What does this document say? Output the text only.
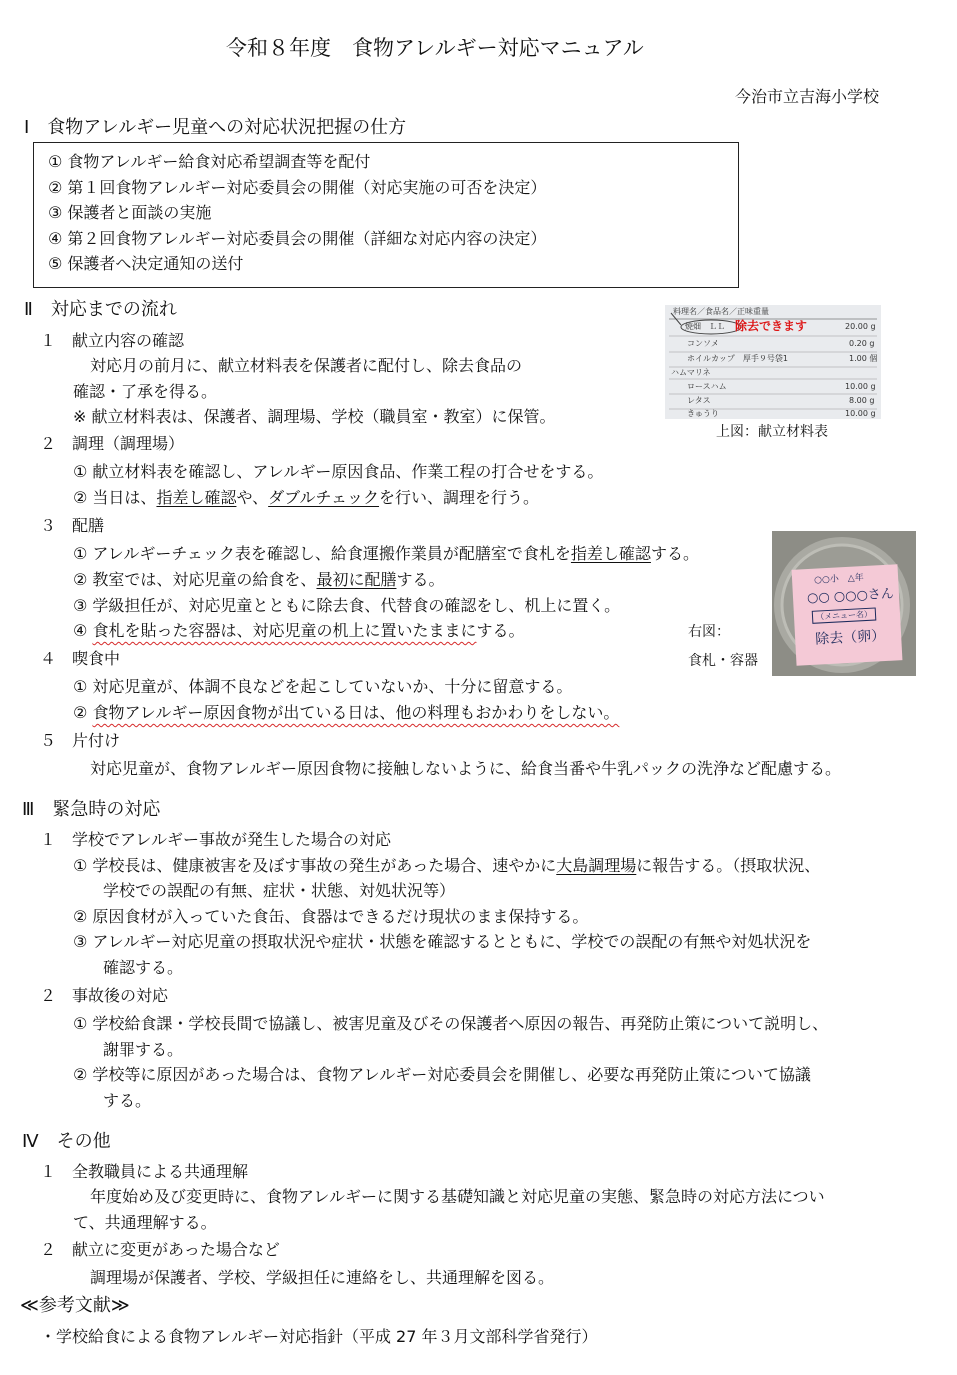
令和８年度　食物アレルギー対応マニュアル
今治市立吉海小学校
Ⅰ　食物アレルギー児童への対応状況把握の仕方
① 食物アレルギー給食対応希望調査等を配付
② 第１回食物アレルギー対応委員会の開催（対応実施の可否を決定）
③ 保護者と面談の実施
④ 第２回食物アレルギー対応委員会の開催（詳細な対応内容の決定）
⑤ 保護者へ決定通知の送付
Ⅱ　対応までの流れ
１　献立内容の確認
対応月の前月に、献立材料表を保護者に配付し、除去食品の
確認・了承を得る。
※ 献立材料表は、保護者、調理場、学校（職員室・教室）に保管。
料理名／食品名／正味重量
焼畑　ＬＬ 除去できます	20.00 g
コンソメ	0.20 g
ホイルカップ　厚手９号袋1	1.00 個
ハムマリネ
ロースハム	10.00 g
レタス	8.00 g
きゅうり	10.00 g
上図：献立材料表
２　調理（調理場）
① 献立材料表を確認し、アレルギー原因食品、作業工程の打合せをする。
② 当日は、指差し確認や、ダブルチェックを行い、調理を行う。
３　配膳
① アレルギーチェック表を確認し、給食運搬作業員が配膳室で食札を指差し確認する。
② 教室では、対応児童の給食を、最初に配膳する。
③ 学級担任が、対応児童とともに除去食、代替食の確認をし、机上に置く。
④ 食札を貼った容器は、対応児童の机上に置いたままにする。
○○小　△年
○○ ○○○さん
（メニュー名）
除去（卵）
右図：
食札・容器
４　喫食中
① 対応児童が、体調不良などを起こしていないか、十分に留意する。
② 食物アレルギー原因食物が出ている日は、他の料理もおかわりをしない。
５　片付け
対応児童が、食物アレルギー原因食物に接触しないように、給食当番や牛乳パックの洗浄など配慮する。
Ⅲ　緊急時の対応
１　学校でアレルギー事故が発生した場合の対応
① 学校長は、健康被害を及ぼす事故の発生があった場合、速やかに大島調理場に報告する。（摂取状況、
学校での誤配の有無、症状・状態、対処状況等）
② 原因食材が入っていた食缶、食器はできるだけ現状のまま保持する。
③ アレルギー対応児童の摂取状況や症状・状態を確認するとともに、学校での誤配の有無や対処状況を
確認する。
２　事故後の対応
① 学校給食課・学校長間で協議し、被害児童及びその保護者へ原因の報告、再発防止策について説明し、
謝罪する。
② 学校等に原因があった場合は、食物アレルギー対応委員会を開催し、必要な再発防止策について協議
する。
Ⅳ　その他
１　全教職員による共通理解
年度始め及び変更時に、食物アレルギーに関する基礎知識と対応児童の実態、緊急時の対応方法につい
て、共通理解する。
２　献立に変更があった場合など
調理場が保護者、学校、学級担任に連絡をし、共通理解を図る。
≪参考文献≫
・学校給食による食物アレルギー対応指針（平成 27 年３月文部科学省発行）
